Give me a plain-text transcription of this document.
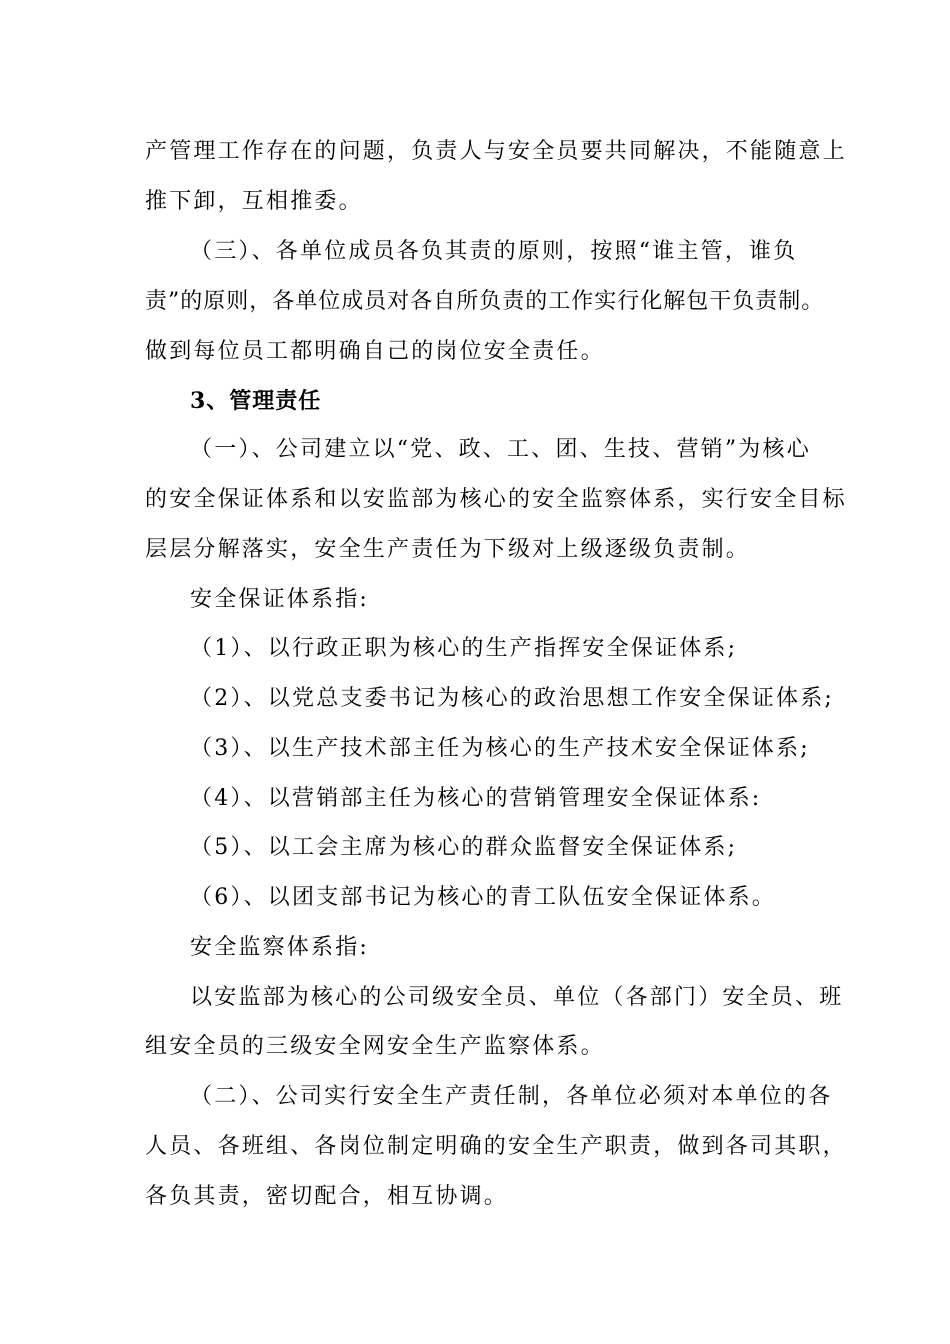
产管理工作存在的问题，负责人与安全员要共同解决，不能随意上
推下卸，互相推委。
（三）、各单位成员各负其责的原则，按照“谁主管，谁负
责”的原则，各单位成员对各自所负责的工作实行化解包干负责制。
做到每位员工都明确自己的岗位安全责任。
3、管理责任
（一）、公司建立以“党、政、工、团、生技、营销”为核心
的安全保证体系和以安监部为核心的安全监察体系，实行安全目标
层层分解落实，安全生产责任为下级对上级逐级负责制。
安全保证体系指:
（1）、以行政正职为核心的生产指挥安全保证体系;
（2）、以党总支委书记为核心的政治思想工作安全保证体系;
（3）、以生产技术部主任为核心的生产技术安全保证体系;
（4）、以营销部主任为核心的营销管理安全保证体系:
（5）、以工会主席为核心的群众监督安全保证体系;
（6）、以团支部书记为核心的青工队伍安全保证体系。
安全监察体系指:
以安监部为核心的公司级安全员、单位（各部门）安全员、班
组安全员的三级安全网安全生产监察体系。
（二）、公司实行安全生产责任制，各单位必须对本单位的各
人员、各班组、各岗位制定明确的安全生产职责，做到各司其职，
各负其责，密切配合，相互协调。
